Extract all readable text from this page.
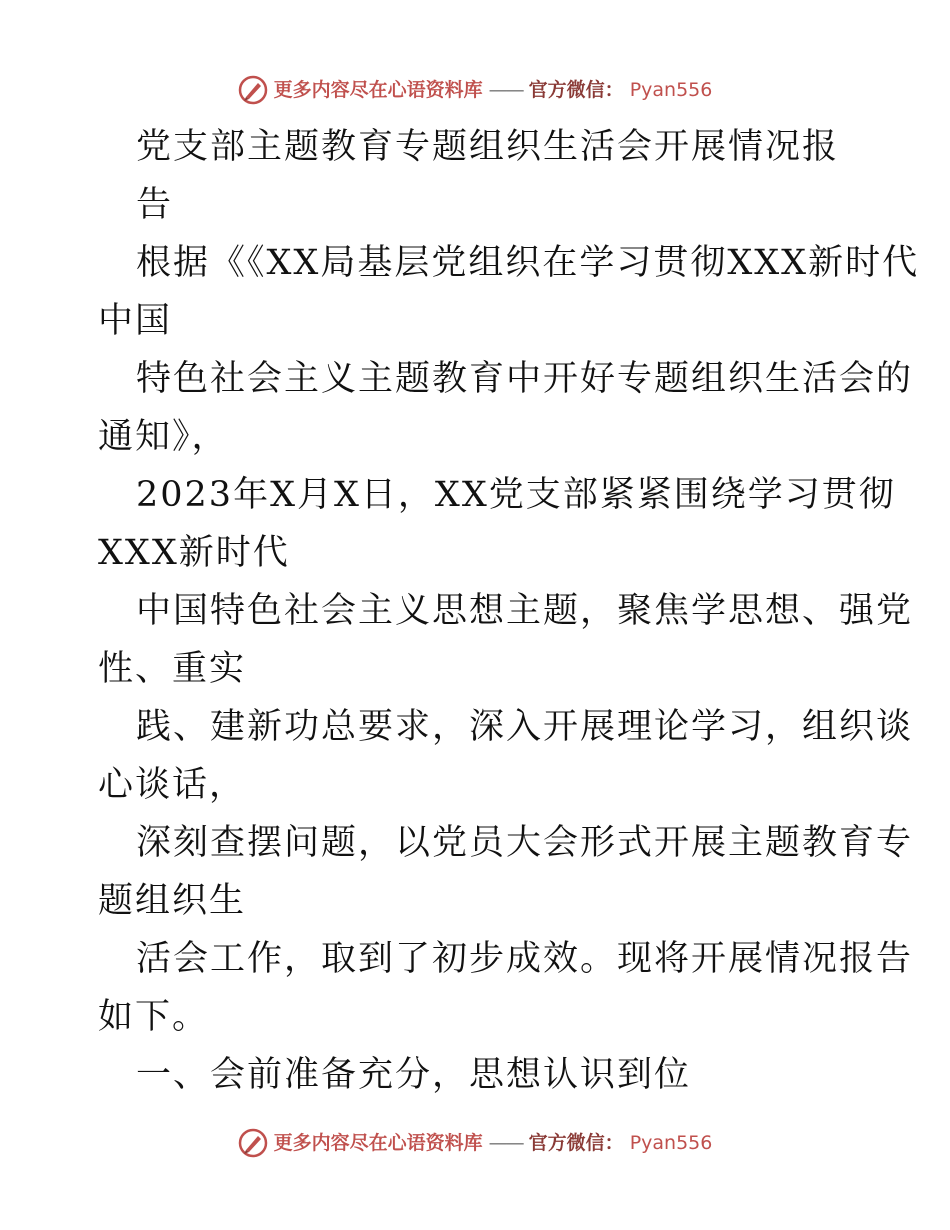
更多内容尽在心语资料库 —— 官方微信： Pyan556
党支部主题教育专题组织生活会开展情况报
告
根据《《XX局基层党组织在学习贯彻XXX新时代
中国
特色社会主义主题教育中开好专题组织生活会的
通知》，
2023年X月X日，XX党支部紧紧围绕学习贯彻
XXX新时代
中国特色社会主义思想主题，聚焦学思想、强党
性、重实
践、建新功总要求，深入开展理论学习，组织谈
心谈话，
深刻查摆问题，以党员大会形式开展主题教育专
题组织生
活会工作，取到了初步成效。现将开展情况报告
如下。
一、会前准备充分，思想认识到位
更多内容尽在心语资料库 —— 官方微信： Pyan556
